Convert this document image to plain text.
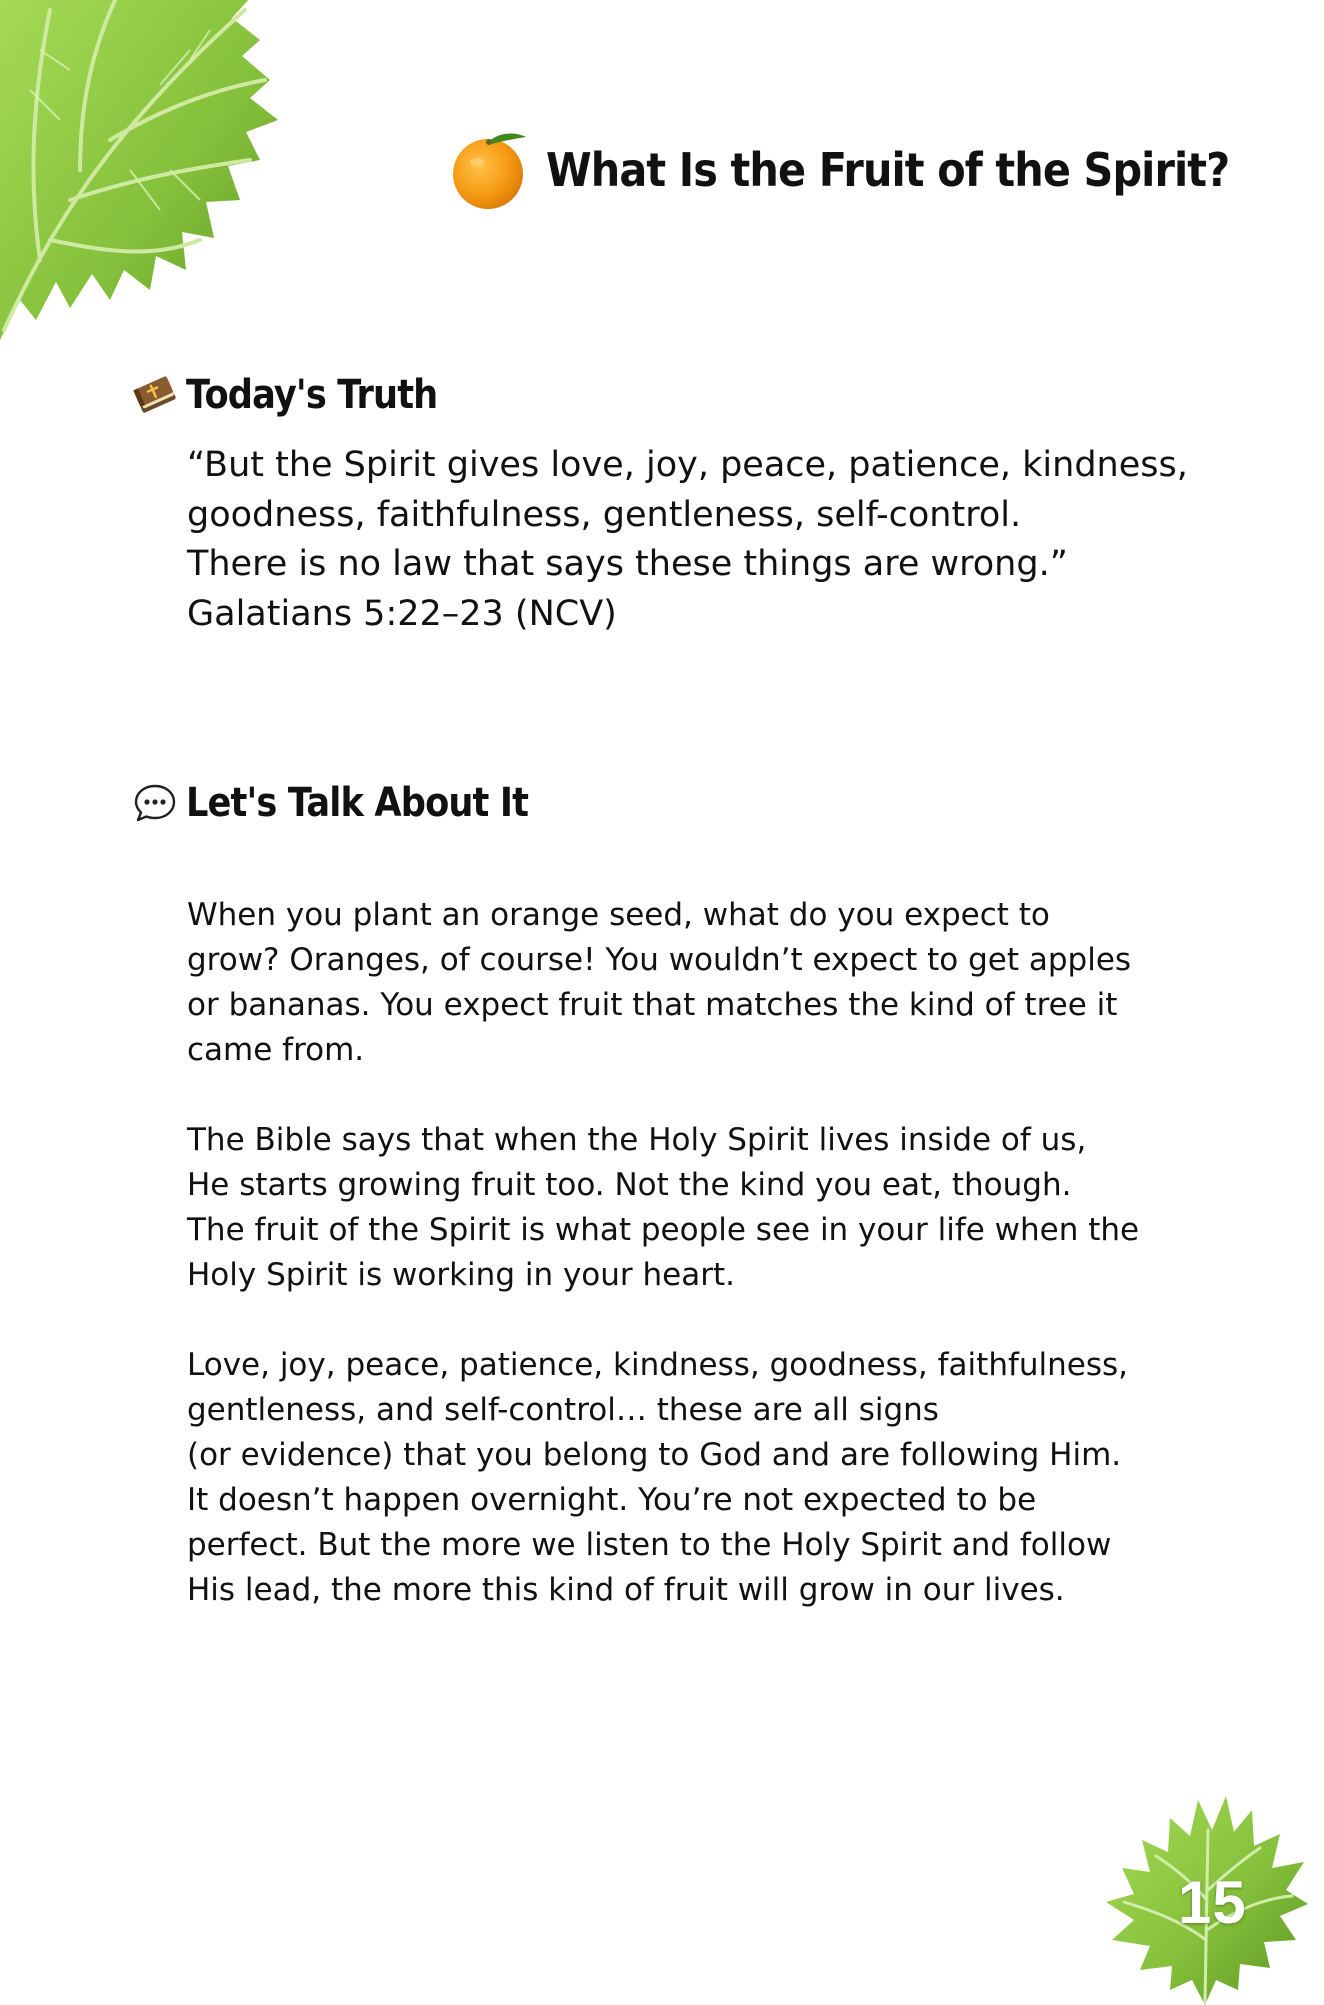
What Is the Fruit of the Spirit?
Today's Truth
“But the Spirit gives love, joy, peace, patience, kindness,
goodness, faithfulness, gentleness, self-control.
There is no law that says these things are wrong.”
Galatians 5:22–23 (NCV)
Let's Talk About It

When you plant an orange seed, what do you expect to
grow? Oranges, of course! You wouldn’t expect to get apples
or bananas. You expect fruit that matches the kind of tree it
came from.

The Bible says that when the Holy Spirit lives inside of us,
He starts growing fruit too. Not the kind you eat, though.
The fruit of the Spirit is what people see in your life when the
Holy Spirit is working in your heart.

Love, joy, peace, patience, kindness, goodness, faithfulness,
gentleness, and self-control… these are all signs
(or evidence) that you belong to God and are following Him.
It doesn’t happen overnight. You’re not expected to be
perfect. But the more we listen to the Holy Spirit and follow
His lead, the more this kind of fruit will grow in our lives.

15
